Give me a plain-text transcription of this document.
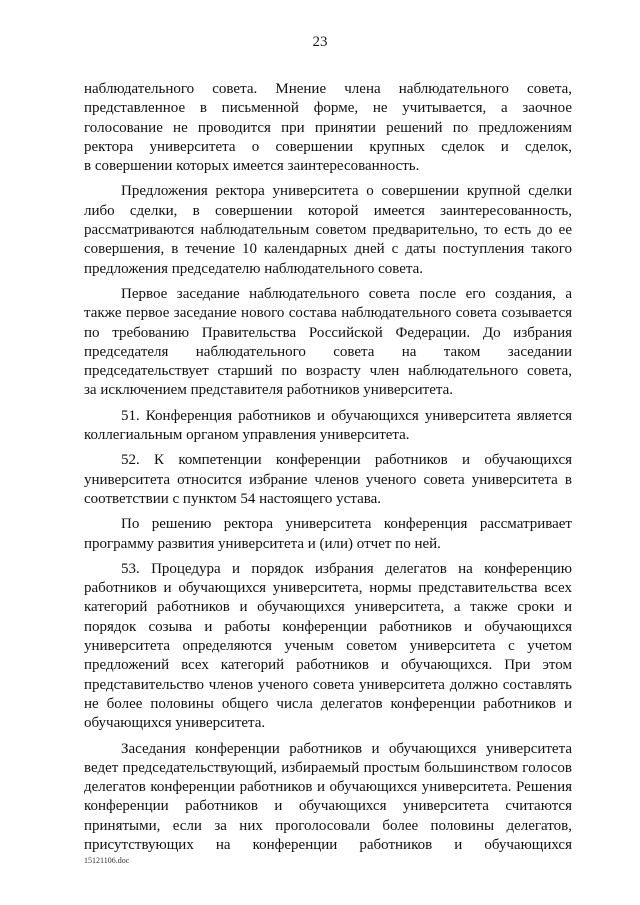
23
наблюдательного совета. Мнение члена наблюдательного совета,
представленное в письменной форме, не учитывается, а заочное
голосование не проводится при принятии решений по предложениям
ректора университета о совершении крупных сделок и сделок,
в совершении которых имеется заинтересованность.
Предложения ректора университета о совершении крупной сделки
либо сделки, в совершении которой имеется заинтересованность,
рассматриваются наблюдательным советом предварительно, то есть до ее
совершения, в течение 10 календарных дней с даты поступления такого
предложения председателю наблюдательного совета.
Первое заседание наблюдательного совета после его создания, а
также первое заседание нового состава наблюдательного совета созывается
по требованию Правительства Российской Федерации. До избрания
председателя наблюдательного совета на таком заседании
председательствует старший по возрасту член наблюдательного совета,
за исключением представителя работников университета.
51. Конференция работников и обучающихся университета является
коллегиальным органом управления университета.
52. К компетенции конференции работников и обучающихся
университета относится избрание членов ученого совета университета в
соответствии с пунктом 54 настоящего устава.
По решению ректора университета конференция рассматривает
программу развития университета и (или) отчет по ней.
53. Процедура и порядок избрания делегатов на конференцию
работников и обучающихся университета, нормы представительства всех
категорий работников и обучающихся университета, а также сроки и
порядок созыва и работы конференции работников и обучающихся
университета определяются ученым советом университета с учетом
предложений всех категорий работников и обучающихся. При этом
представительство членов ученого совета университета должно составлять
не более половины общего числа делегатов конференции работников и
обучающихся университета.
Заседания конференции работников и обучающихся университета
ведет председательствующий, избираемый простым большинством голосов
делегатов конференции работников и обучающихся университета. Решения
конференции работников и обучающихся университета считаются
принятыми, если за них проголосовали более половины делегатов,
присутствующих на конференции работников и обучающихся
15121106.doc
